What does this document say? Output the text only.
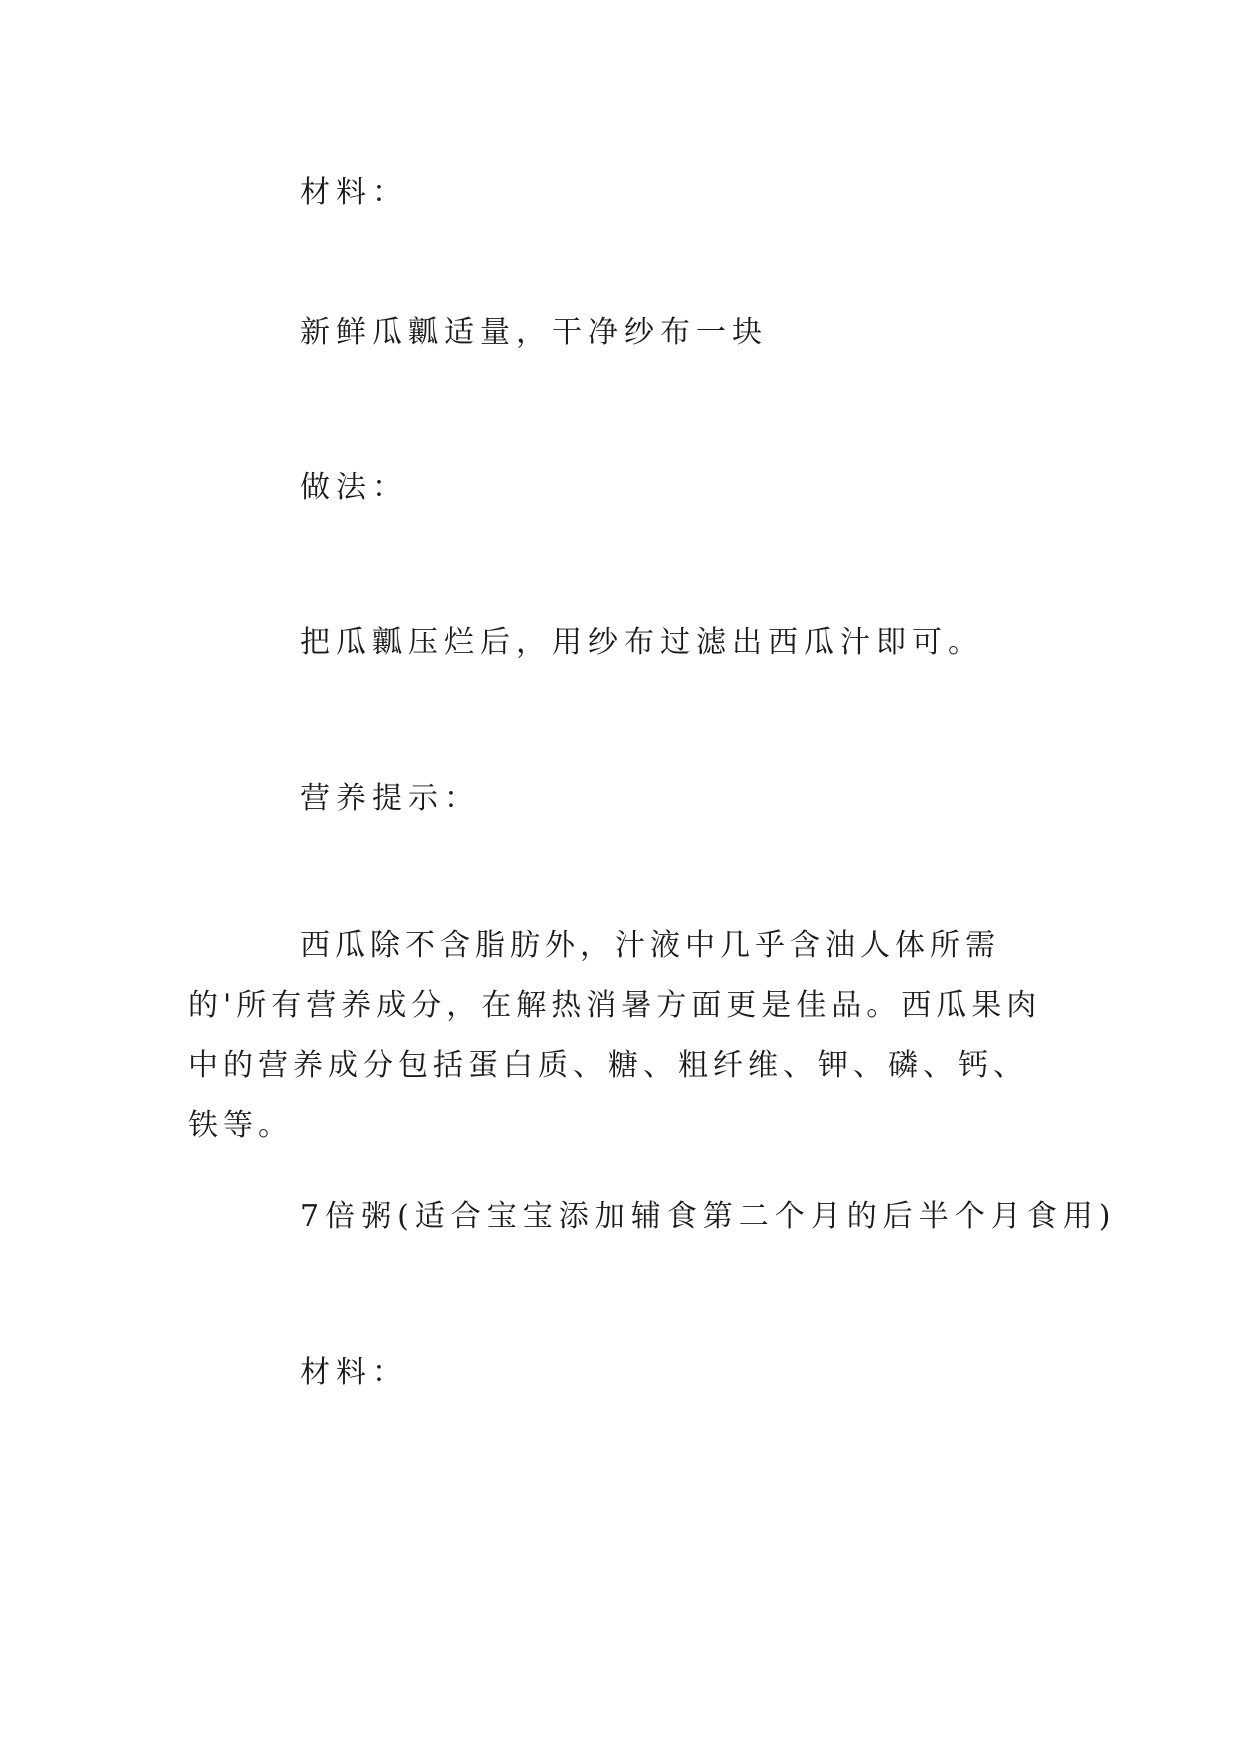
材料：
新鲜瓜瓤适量，干净纱布一块
做法：
把瓜瓤压烂后，用纱布过滤出西瓜汁即可。
营养提示：
西瓜除不含脂肪外，汁液中几乎含油人体所需的'所有营养成分，在解热消暑方面更是佳品。西瓜果肉中的营养成分包括蛋白质、糖、粗纤维、钾、磷、钙、铁等。
7倍粥(适合宝宝添加辅食第二个月的后半个月食用)
材料：
